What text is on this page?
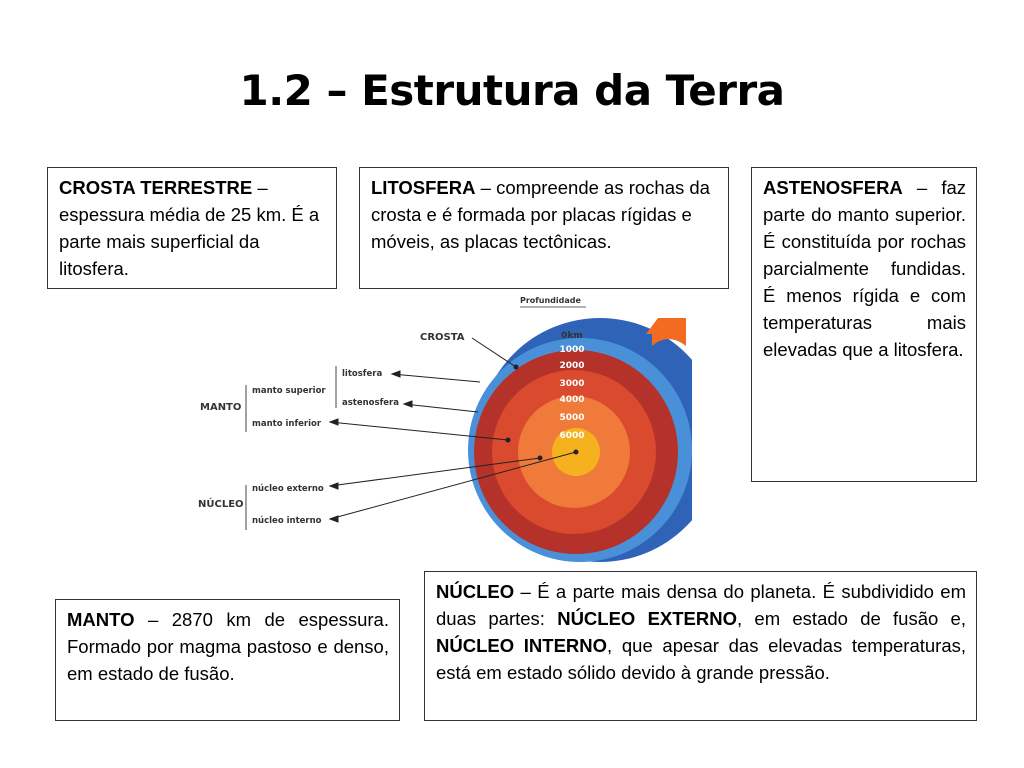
1.2 – Estrutura da Terra
CROSTA TERRESTRE – espessura média de 25 km. É a parte mais superficial da litosfera.
LITOSFERA – compreende as rochas da crosta e é formada por placas rígidas e móveis, as placas tectônicas.
ASTENOSFERA – faz parte do manto superior. É constituída por rochas parcialmente fundidas. É menos rígida e com temperaturas mais elevadas que a litosfera.
MANTO – 2870 km de espessura. Formado por magma pastoso e denso, em estado de fusão.
NÚCLEO – É a parte mais densa do planeta. É subdividido em duas partes: NÚCLEO EXTERNO, em estado de fusão e, NÚCLEO INTERNO, que apesar das elevadas temperaturas, está em estado sólido devido à grande pressão.
Profundidade
0km
1000
2000
3000
4000
5000
6000
CROSTA
MANTO
NÚCLEO
manto superior
manto inferior
litosfera
astenosfera
núcleo externo
núcleo interno
